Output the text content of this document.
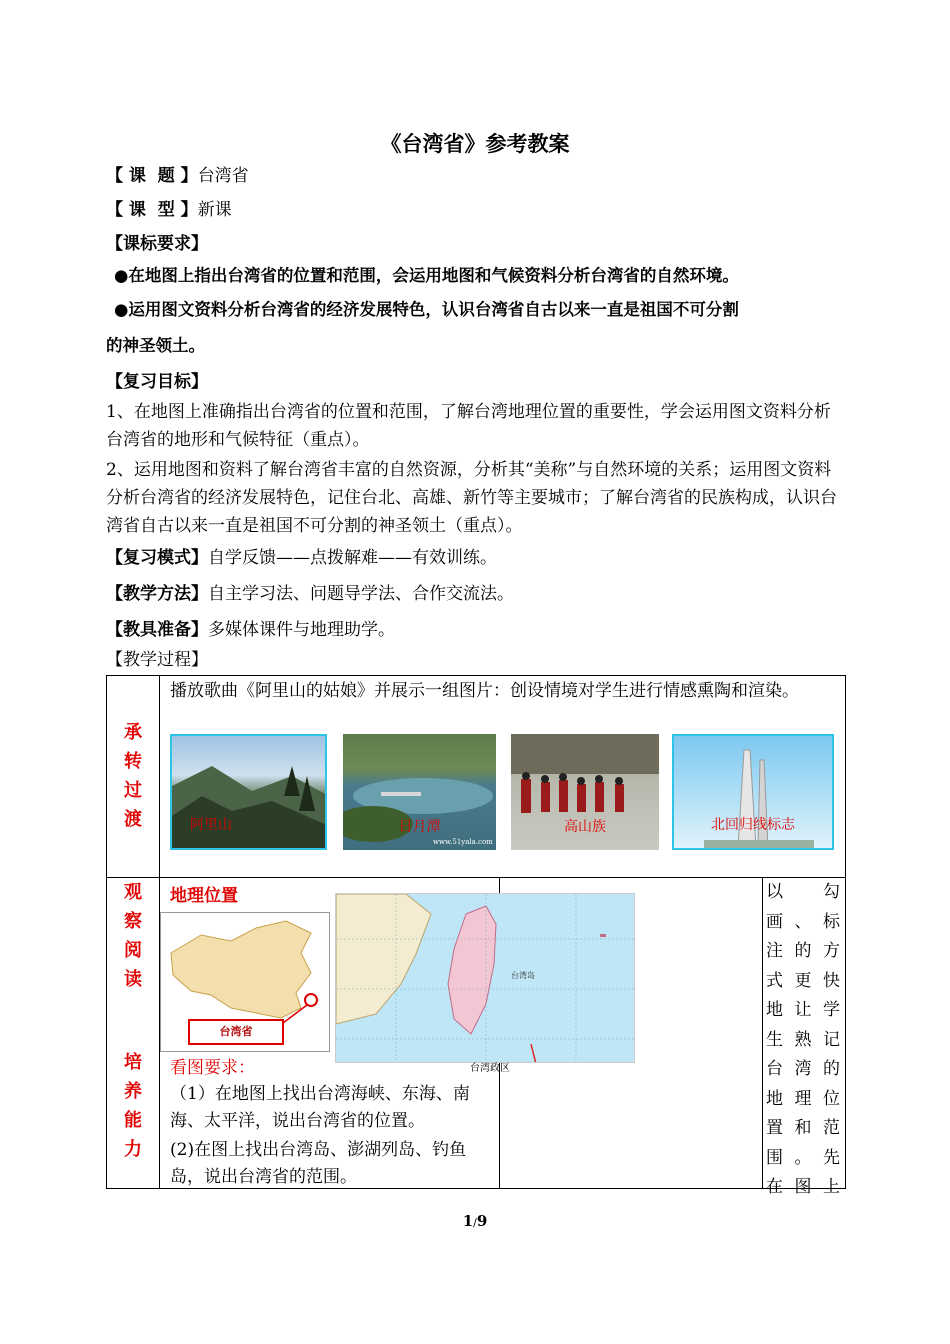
《台湾省》参考教案
【 课  题 】台湾省
【 课  型 】新课
【课标要求】
●在地图上指出台湾省的位置和范围，会运用地图和气候资料分析台湾省的自然环境。
●运用图文资料分析台湾省的经济发展特色，认识台湾省自古以来一直是祖国不可分割
的神圣领土。
【复习目标】
1、在地图上准确指出台湾省的位置和范围，了解台湾地理位置的重要性，学会运用图文资料分析台湾省的地形和气候特征（重点）。
2、运用地图和资料了解台湾省丰富的自然资源，分析其“美称”与自然环境的关系；运用图文资料分析台湾省的经济发展特色，记住台北、高雄、新竹等主要城市；了解台湾省的民族构成，认识台湾省自古以来一直是祖国不可分割的神圣领土（重点）。
【复习模式】自学反馈——点拨解难——有效训练。
【教学方法】自主学习法、问题导学法、合作交流法。
【教具准备】多媒体课件与地理助学。
【教学过程】
承
转
过
渡
播放歌曲《阿里山的姑娘》并展示一组图片：创设情境对学生进行情感熏陶和渲染。
阿里山
www.51yala.com
日月潭	高山族	北回归线标志
观
察
阅
读
培
养
能
力
地理位置
台湾省
台湾岛
台湾政区
看图要求：
（1）在地图上找出台湾海峡、东海、南海、太平洋，说出台湾省的位置。
(2)在图上找出台湾岛、澎湖列岛、钓鱼岛，说出台湾省的范围。
以 勾
画 、 标
注 的 方
式 更 快
地 让 学
生 熟 记
台 湾 的
地 理 位
置 和 范
围 。 先
在 图 上
1/9
